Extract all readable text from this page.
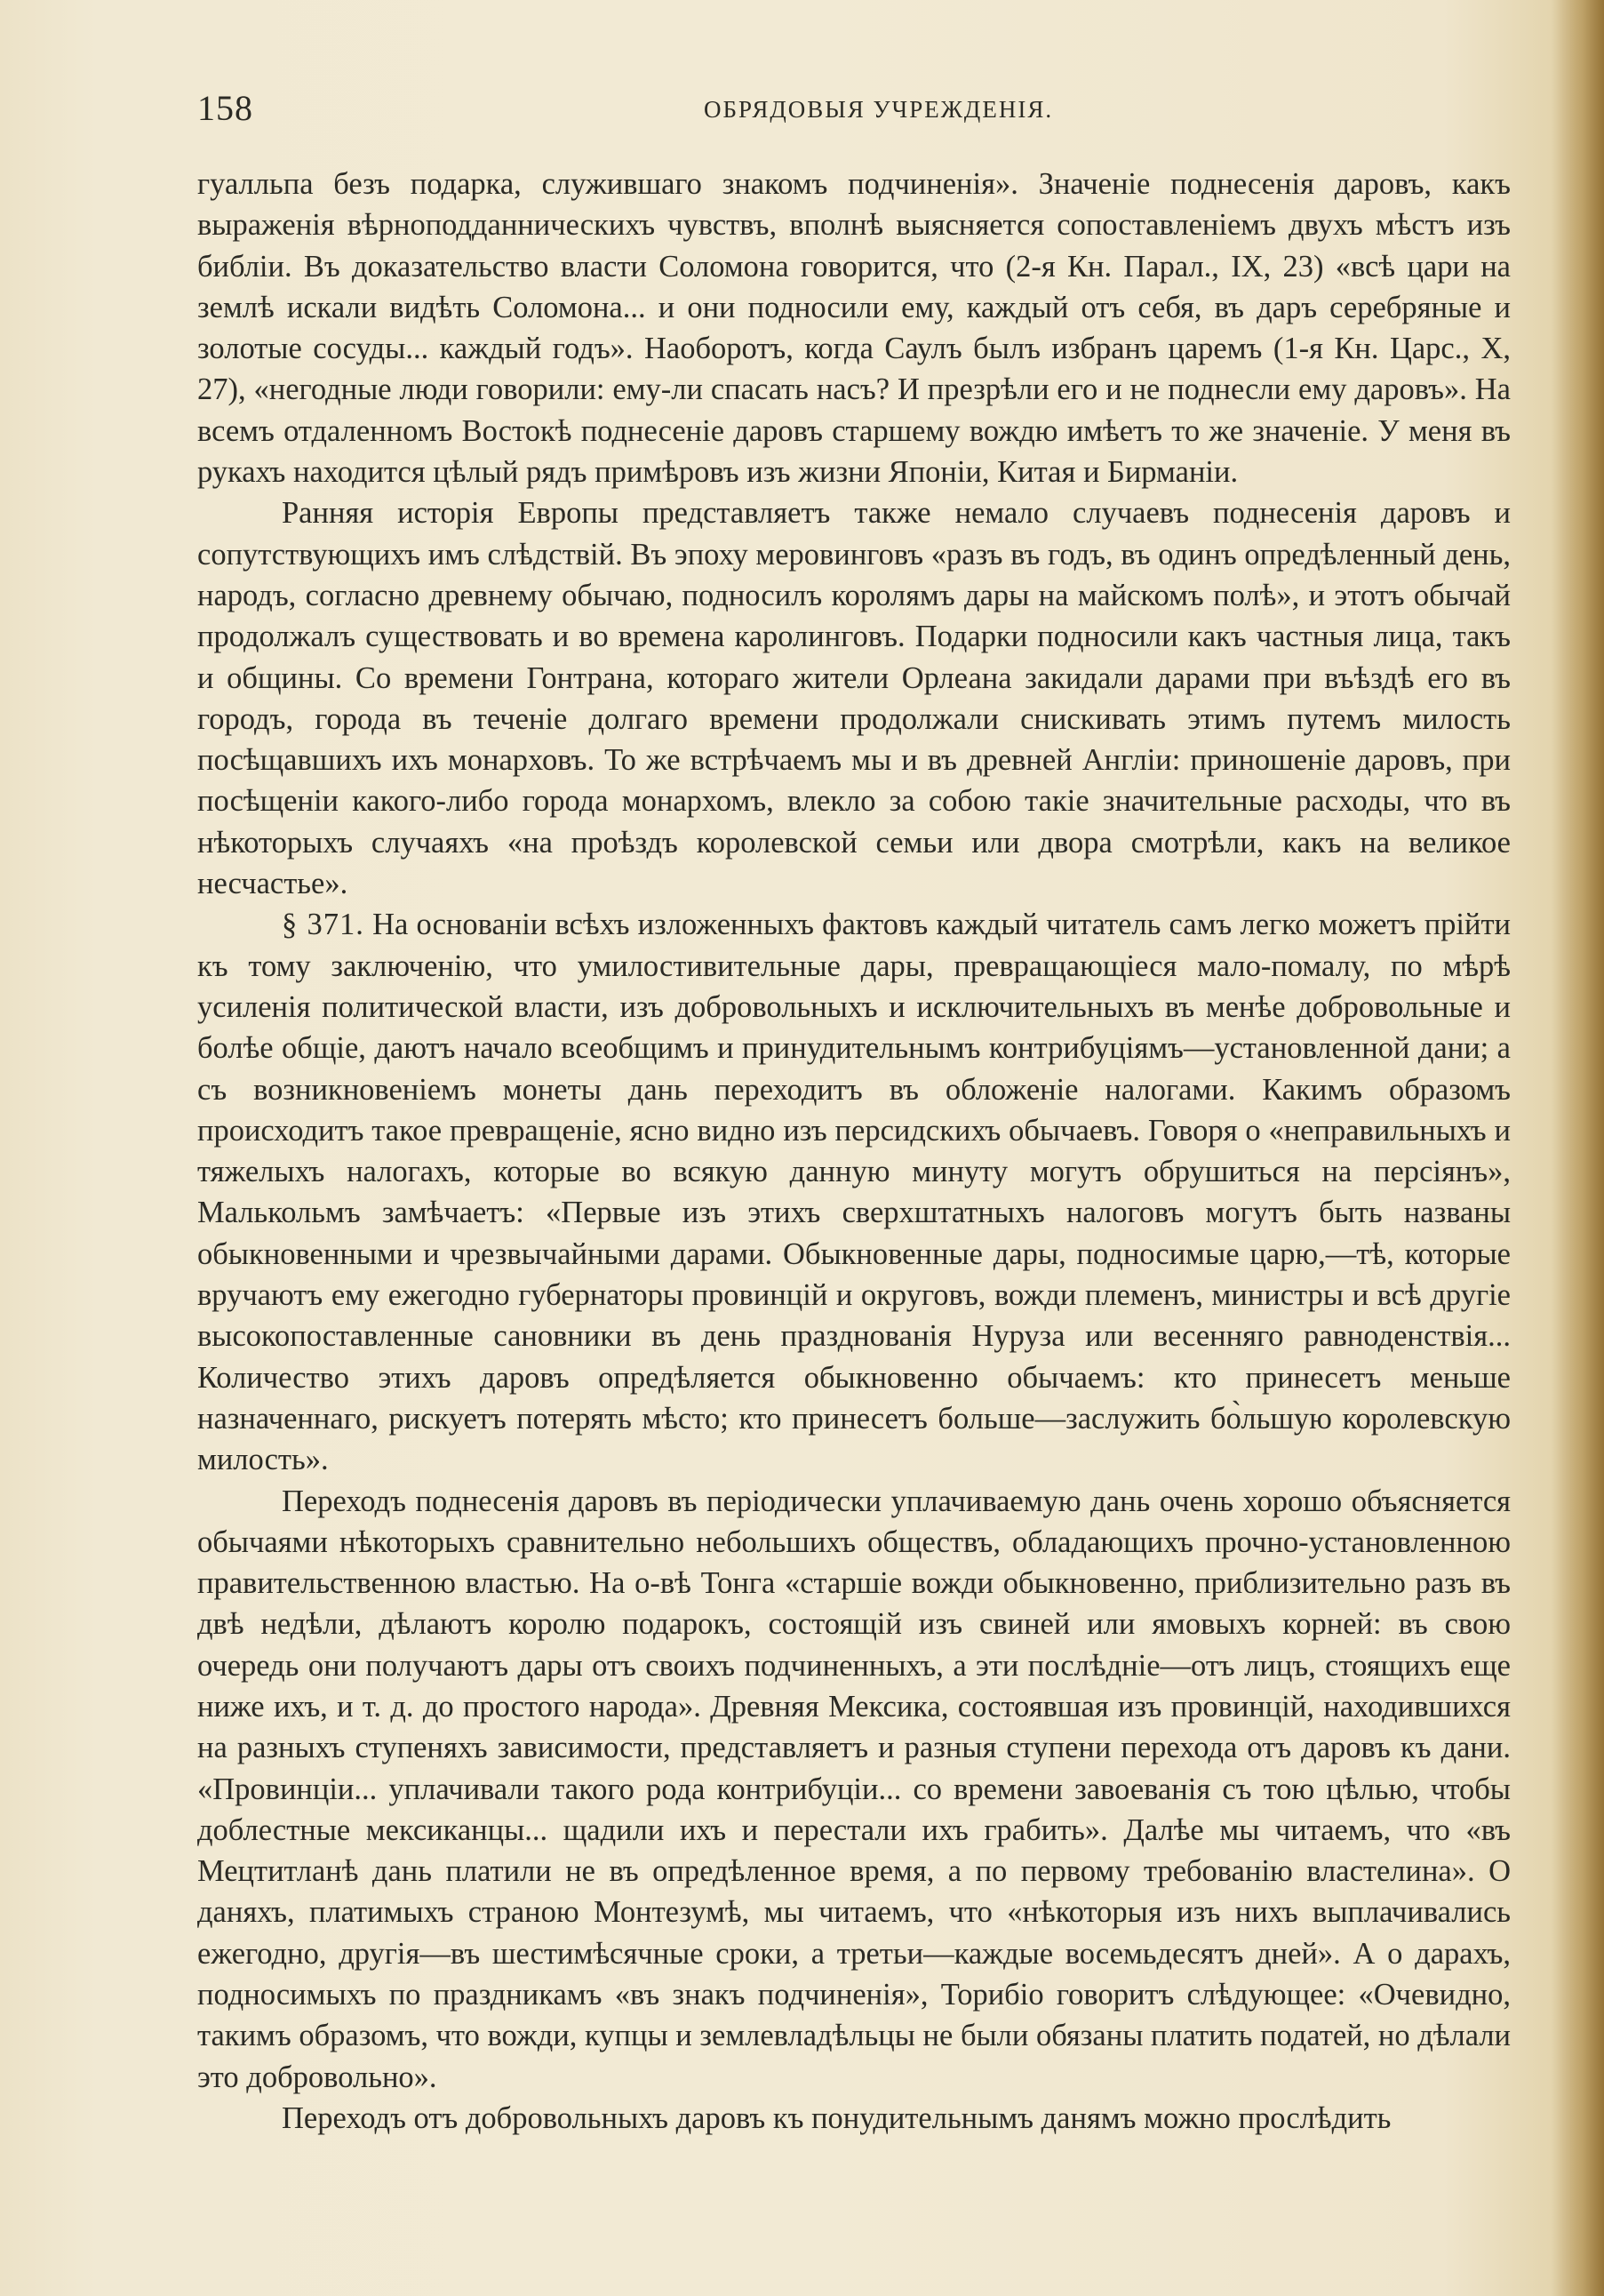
158	ОБРЯДОВЫЯ УЧРЕЖДЕНІЯ.

гуалльпа безъ подарка, служившаго знакомъ подчиненія». Значеніе поднесенія даровъ, какъ выраженія вѣрноподданническихъ чувствъ, вполнѣ выясняется сопоставленіемъ двухъ мѣстъ изъ библіи. Въ доказательство власти Соломона говорится, что (2-я Кн. Парал., IX, 23) «всѣ цари на землѣ искали видѣть Соломона... и они подносили ему, каждый отъ себя, въ даръ серебряные и золотые сосуды... каждый годъ». Наоборотъ, когда Саулъ былъ избранъ царемъ (1-я Кн. Царс., X, 27), «негодные люди говорили: ему-ли спасать насъ? И презрѣли его и не поднесли ему даровъ». На всемъ отдаленномъ Востокѣ поднесеніе даровъ старшему вождю имѣетъ то же значеніе. У меня въ рукахъ находится цѣлый рядъ примѣровъ изъ жизни Японіи, Китая и Бирманіи.

Ранняя исторія Европы представляетъ также немало случаевъ поднесенія даровъ и сопутствующихъ имъ слѣдствій. Въ эпоху меровинговъ «разъ въ годъ, въ одинъ опредѣленный день, народъ, согласно древнему обычаю, подносилъ королямъ дары на майскомъ полѣ», и этотъ обычай продолжалъ существовать и во времена каролинговъ. Подарки подносили какъ частныя лица, такъ и общины. Со времени Гонтрана, котораго жители Орлеана закидали дарами при въѣздѣ его въ городъ, города въ теченіе долгаго времени продолжали снискивать этимъ путемъ милость посѣщавшихъ ихъ монарховъ. То же встрѣчаемъ мы и въ древней Англіи: приношеніе даровъ, при посѣщеніи какого-либо города монархомъ, влекло за собою такіе значительные расходы, что въ нѣкоторыхъ случаяхъ «на проѣздъ королевской семьи или двора смотрѣли, какъ на великое несчастье».

§ 371. На основаніи всѣхъ изложенныхъ фактовъ каждый читатель самъ легко можетъ прійти къ тому заключенію, что умилостивительные дары, превращающіеся мало-помалу, по мѣрѣ усиленія политической власти, изъ добровольныхъ и исключительныхъ въ менѣе добровольные и болѣе общіе, даютъ начало всеобщимъ и принудительнымъ контрибуціямъ—установленной дани; а съ возникновеніемъ монеты дань переходитъ въ обложеніе налогами. Какимъ образомъ происходитъ такое превращеніе, ясно видно изъ персидскихъ обычаевъ. Говоря о «неправильныхъ и тяжелыхъ налогахъ, которые во всякую данную минуту могутъ обрушиться на персіянъ», Малькольмъ замѣчаетъ: «Первые изъ этихъ сверхштатныхъ налоговъ могутъ быть названы обыкновенными и чрезвычайными дарами. Обыкновенные дары, подносимые царю,—тѣ, которые вручаютъ ему ежегодно губернаторы провинцій и округовъ, вожди племенъ, министры и всѣ другіе высокопоставленные сановники въ день празднованія Нуруза или весенняго равноденствія... Количество этихъ даровъ опредѣляется обыкновенно обычаемъ: кто принесетъ меньше назначеннаго, рискуетъ потерять мѣсто; кто принесетъ больше—заслужить бо̀льшую королевскую милость».

Переходъ поднесенія даровъ въ періодически уплачиваемую дань очень хорошо объясняется обычаями нѣкоторыхъ сравнительно небольшихъ обществъ, обладающихъ прочно-установленною правительственною властью. На о-вѣ Тонга «старшіе вожди обыкновенно, приблизительно разъ въ двѣ недѣли, дѣлаютъ королю подарокъ, состоящій изъ свиней или ямовыхъ корней: въ свою очередь они получаютъ дары отъ своихъ подчиненныхъ, а эти послѣдніе—отъ лицъ, стоящихъ еще ниже ихъ, и т. д. до простого народа». Древняя Мексика, состоявшая изъ провинцій, находившихся на разныхъ ступеняхъ зависимости, представляетъ и разныя ступени перехода отъ даровъ къ дани. «Провинціи... уплачивали такого рода контрибуціи... со времени завоеванія съ тою цѣлью, чтобы доблестные мексиканцы... щадили ихъ и перестали ихъ грабить». Далѣе мы читаемъ, что «въ Мецтитланѣ дань платили не въ опредѣленное время, а по первому требованію властелина». О даняхъ, платимыхъ страною Монтезумѣ, мы читаемъ, что «нѣкоторыя изъ нихъ выплачивались ежегодно, другія—въ шестимѣсячные сроки, а третьи—каждые восемьдесятъ дней». А о дарахъ, подносимыхъ по праздникамъ «въ знакъ подчиненія», Торибіо говоритъ слѣдующее: «Очевидно, такимъ образомъ, что вожди, купцы и землевладѣльцы не были обязаны платить податей, но дѣлали это добровольно».

Переходъ отъ добровольныхъ даровъ къ понудительнымъ данямъ можно прослѣдить
